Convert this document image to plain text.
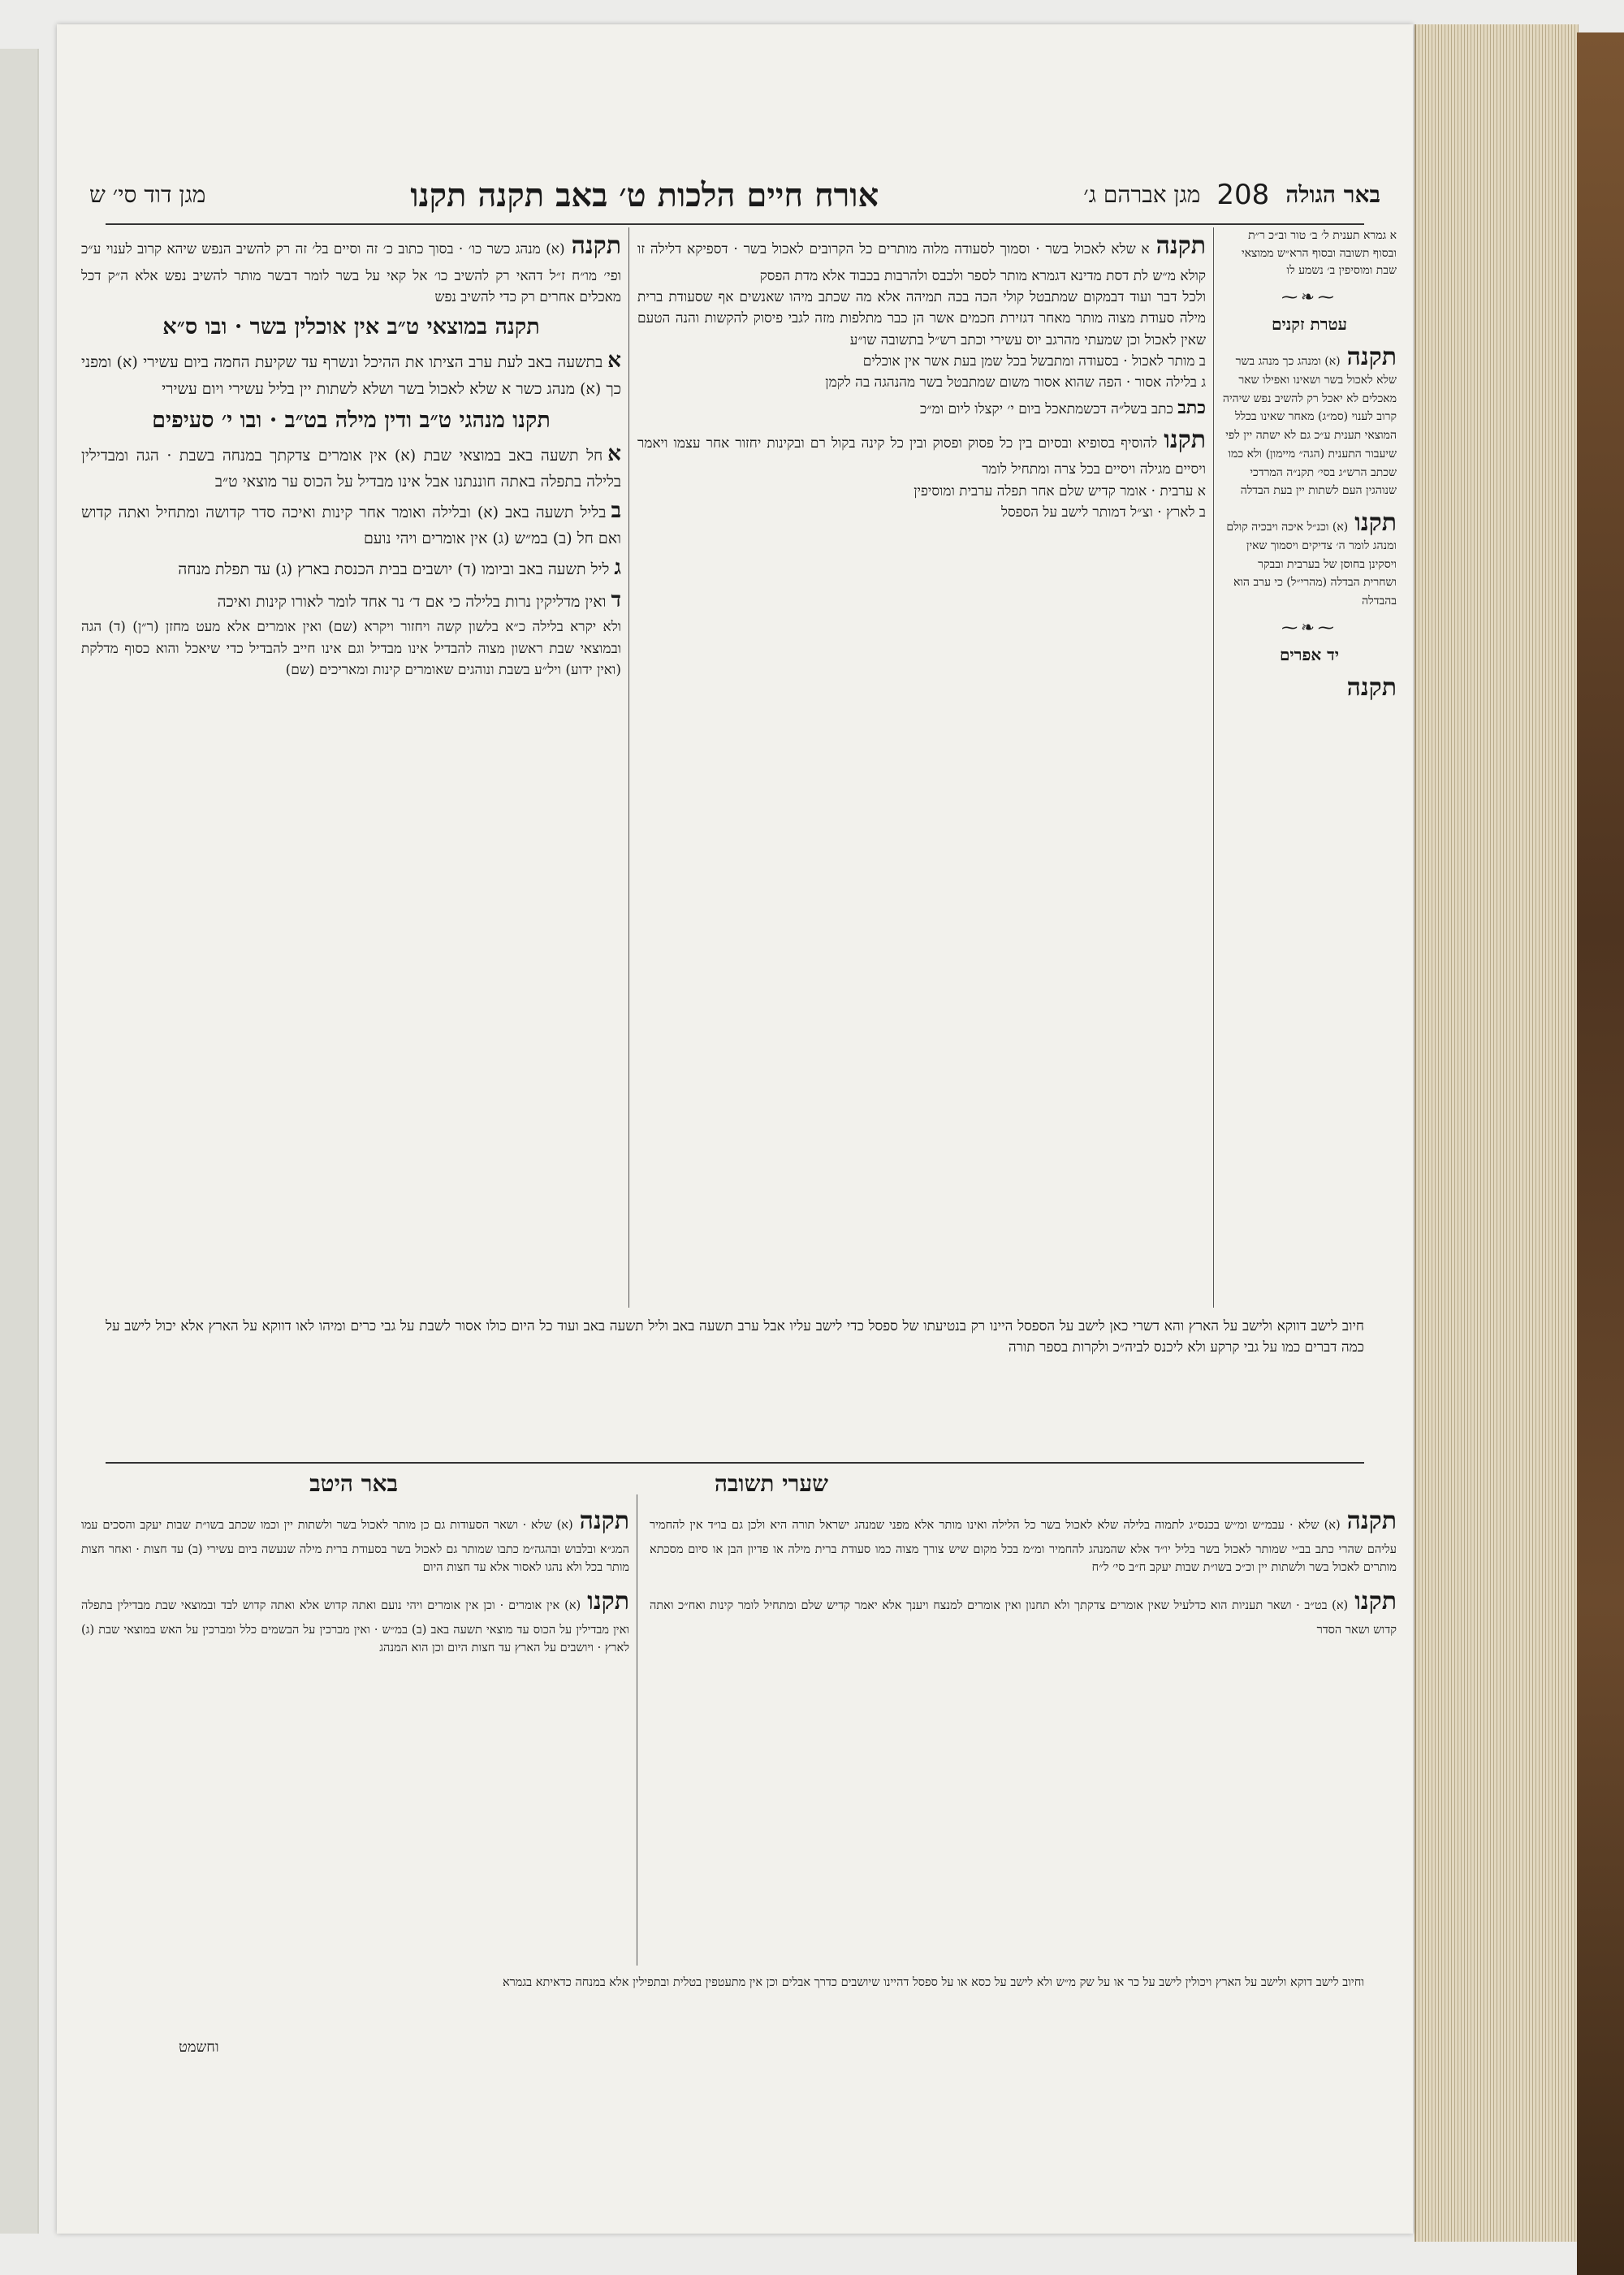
באר הגולה
208
מגן אברהם ג׳
אורח חיים הלכות ט׳ באב תקנה תקנו
מגן דוד סי׳ ש
א גמרא תענית ל׳ ב׳ טור וב״כ ר״ת ובסוף תשובה ובסוף הרא״ש ממוצאי שבת ומוסיפין ב׳ נשמע לו
⁓❧⁓
עטרת זקנים
תקנה(א) ומנהג כך מנהג בשר שלא לאכול בשר ושאינו ואפילו שאר מאכלים לא יאכל רק להשיב נפש שיהיה קרוב לענוי (סמ״ג) מאחר שאינו בכלל המוצאי תענית ע״כ גם לא ישתה יין לפי שיעבור התענית (הגה״ מיימון) ולא כמו שכתב הרש״ג בסי׳ תקנ״ה המרדכי שנוהגין העם לשתות יין בעת הבדלה
תקנו(א) וכנ״ל איכה ויבכיה קולם ומנהג לומר ה׳ צדיקים ויסמוך שאין ויסקינן בחוסן של בערבית ובבקר ושחרית הבדלה (מהרי״ל) כי ערב הוא בהבדלה
⁓❧⁓
יד אפרים
תקנה
תקנהא שלא לאכול בשר · וסמוך לסעודה מלוה מותרים כל הקרובים לאכול בשר · דספיקא דלילה זו קולא מ״ש לת דסת מדינא דגמרא מותר לספר ולכבס ולהרבות בכבוד אלא מדת הפסק
ולכל דבר ועוד דבמקום שמתבטל קולי הכה בכה תמיהה אלא מה שכתב מיהו שאנשים אף שסעודת ברית מילה סעודת מצוה מותר מאחר דגזירת חכמים אשר הן כבר מתלפות מזה לגבי פיסוק להקשות והנה הטעם שאין לאכול וכן שמעתי מהרגב יוס עשירי וכתב רש״ל בתשובה שו״ע
ב מותר לאכול · בסעודה ומתבשל בכל שמן בעת אשר אין אוכלים
ג בלילה אסור · הפה שהוא אסור משום שמתבטל בשר מהנהגה בה לקמן
כתב כתב בשל״ה דכשמתאכל ביום י׳ יקצלו ליום ומ״כ
תקנולהוסיף בסופיא ובסיום בין כל פסוק ופסוק ובין כל קינה בקול רם ובקינות יחזור אחר עצמו ויאמר ויסיים מגילה ויסיים בכל צרה ומתחיל לומר
א ערבית · אומר קדיש שלם אחר תפלה ערבית ומוסיפין
ב לארץ · וצ״ל דמותר לישב על הספסל
תקנה(א) מנהג כשר כו׳ · בסוך כתוב כ׳ זה וסיים בל׳ זה רק להשיב הנפש שיהא קרוב לענוי ע״כ ופי׳ מו״ח ז״ל דהאי רק להשיב כו׳ אל קאי על בשר לומר דבשר מותר להשיב נפש אלא ה״ק דכל מאכלים אחרים רק כדי להשיב נפש
תקנה במוצאי ט״ב אין אוכלין בשר · ובו ס״א
אבתשעה באב לעת ערב הציתו את ההיכל ונשרף עד שקיעת החמה ביום עשירי (א) ומפני כך (א) מנהג כשר א שלא לאכול בשר ושלא לשתות יין בליל עשירי ויום עשירי
תקנו מנהגי ט״ב ודין מילה בט״ב · ובו י׳ סעיפים
אחל תשעה באב במוצאי שבת (א) אין אומרים צדקתך במנחה בשבת · הגה ומבדילין בלילה בתפלה באתה חוננתנו אבל אינו מבדיל על הכוס ער מוצאי ט״ב
בבליל תשעה באב (א) ובלילה ואומר אחר קינות ואיכה סדר קדושה ומתחיל ואתה קדוש ואם חל (ב) במ״ש (ג) אין אומרים ויהי נועם
גליל תשעה באב וביומו (ד) יושבים בבית הכנסת בארץ (ג) עד תפלת מנחה
דואין מדליקין נרות בלילה כי אם ד׳ נר אחד לומר לאורו קינות ואיכה
ולא יקרא בלילה כ״א בלשון קשה ויחזור ויקרא (שם) ואין אומרים אלא מעט מחזן (ר״ן) (ד) הגה ובמוצאי שבת ראשון מצוה להבדיל אינו מבדיל וגם אינו חייב להבדיל כדי שיאכל והוא כסוף מדלקת (ואין ידוע) ויל״ע בשבת ונוהגים שאומרים קינות ומאריכים (שם)
חיוב לישב דווקא ולישב על הארץ והא דשרי כאן לישב על הספסל היינו רק בנטיעתו של ספסל כדי לישב עליו אבל ערב תשעה באב וליל תשעה באב ועוד כל היום כולו אסור לשבת על גבי כרים ומיהו לאו דווקא על הארץ אלא יכול לישב על כמה דברים כמו על גבי קרקע ולא ליכנס לביה״כ ולקרות בספר תורה
שערי תשובה
באר היטב
תקנה(א) שלא · עבמ״ש ומ״ש בכנס״ג לתמוה בלילה שלא לאכול בשר כל הלילה ואינו מותר אלא מפני שמנהג ישראל תורה היא ולכן גם בו״ד אין להחמיר עליהם שהרי כתב בב״י שמותר לאכול בשר בליל יו״ד אלא שהמנהג להחמיר ומ״מ בכל מקום שיש צורך מצוה כמו סעודת ברית מילה או פדיון הבן או סיום מסכתא מותרים לאכול בשר ולשתות יין וכ״כ בשו״ת שבות יעקב ח״ב סי׳ ל״ח
תקנו(א) בט״ב · ושאר תעניות הוא כדלעיל שאין אומרים צדקתך ולא תחנון ואין אומרים למנצח ויענך אלא יאמר קדיש שלם ומתחיל לומר קינות ואח״כ ואתה קדוש ושאר הסדר
תקנה(א) שלא · ושאר הסעודות גם כן מותר לאכול בשר ולשתות יין וכמו שכתב בשו״ת שבות יעקב והסכים עמו המג״א ובלבוש ובהגה״מ כתבו שמותר גם לאכול בשר בסעודת ברית מילה שנעשה ביום עשירי (ב) עד חצות · ואחר חצות מותר בכל ולא נהגו לאסור אלא עד חצות היום
תקנו(א) אין אומרים · וכן אין אומרים ויהי נועם ואתה קדוש אלא ואתה קדוש לבד ובמוצאי שבת מבדילין בתפלה ואין מבדילין על הכוס עד מוצאי תשעה באב (ב) במ״ש · ואין מברכין על הבשמים כלל ומברכין על האש במוצאי שבת (ג) לארץ · ויושבים על הארץ עד חצות היום וכן הוא המנהג
וחיוב לישב דוקא ולישב על הארץ ויכולין לישב על כר או על שק מ״ש ולא לישב על כסא או על ספסל דהיינו שיושבים כדרך אבלים וכן אין מתעטפין בטלית ובתפילין אלא במנחה כדאיתא בגמרא
וחשמט
